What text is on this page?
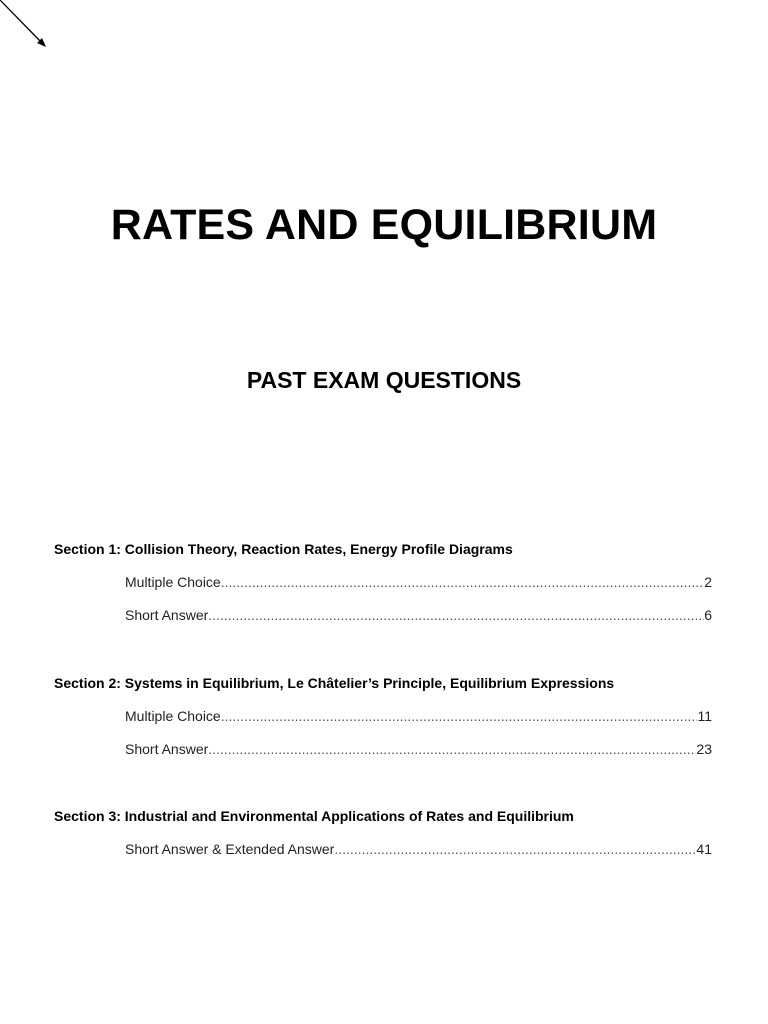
RATES AND EQUILIBRIUM
PAST EXAM QUESTIONS
Section 1: Collision Theory, Reaction Rates, Energy Profile Diagrams
Multiple Choice .....	2
Short Answer .....	6
Section 2: Systems in Equilibrium, Le Châtelier’s Principle, Equilibrium Expressions
Multiple Choice .....	11
Short Answer .....	23
Section 3: Industrial and Environmental Applications of Rates and Equilibrium
Short Answer & Extended Answer .....	41
